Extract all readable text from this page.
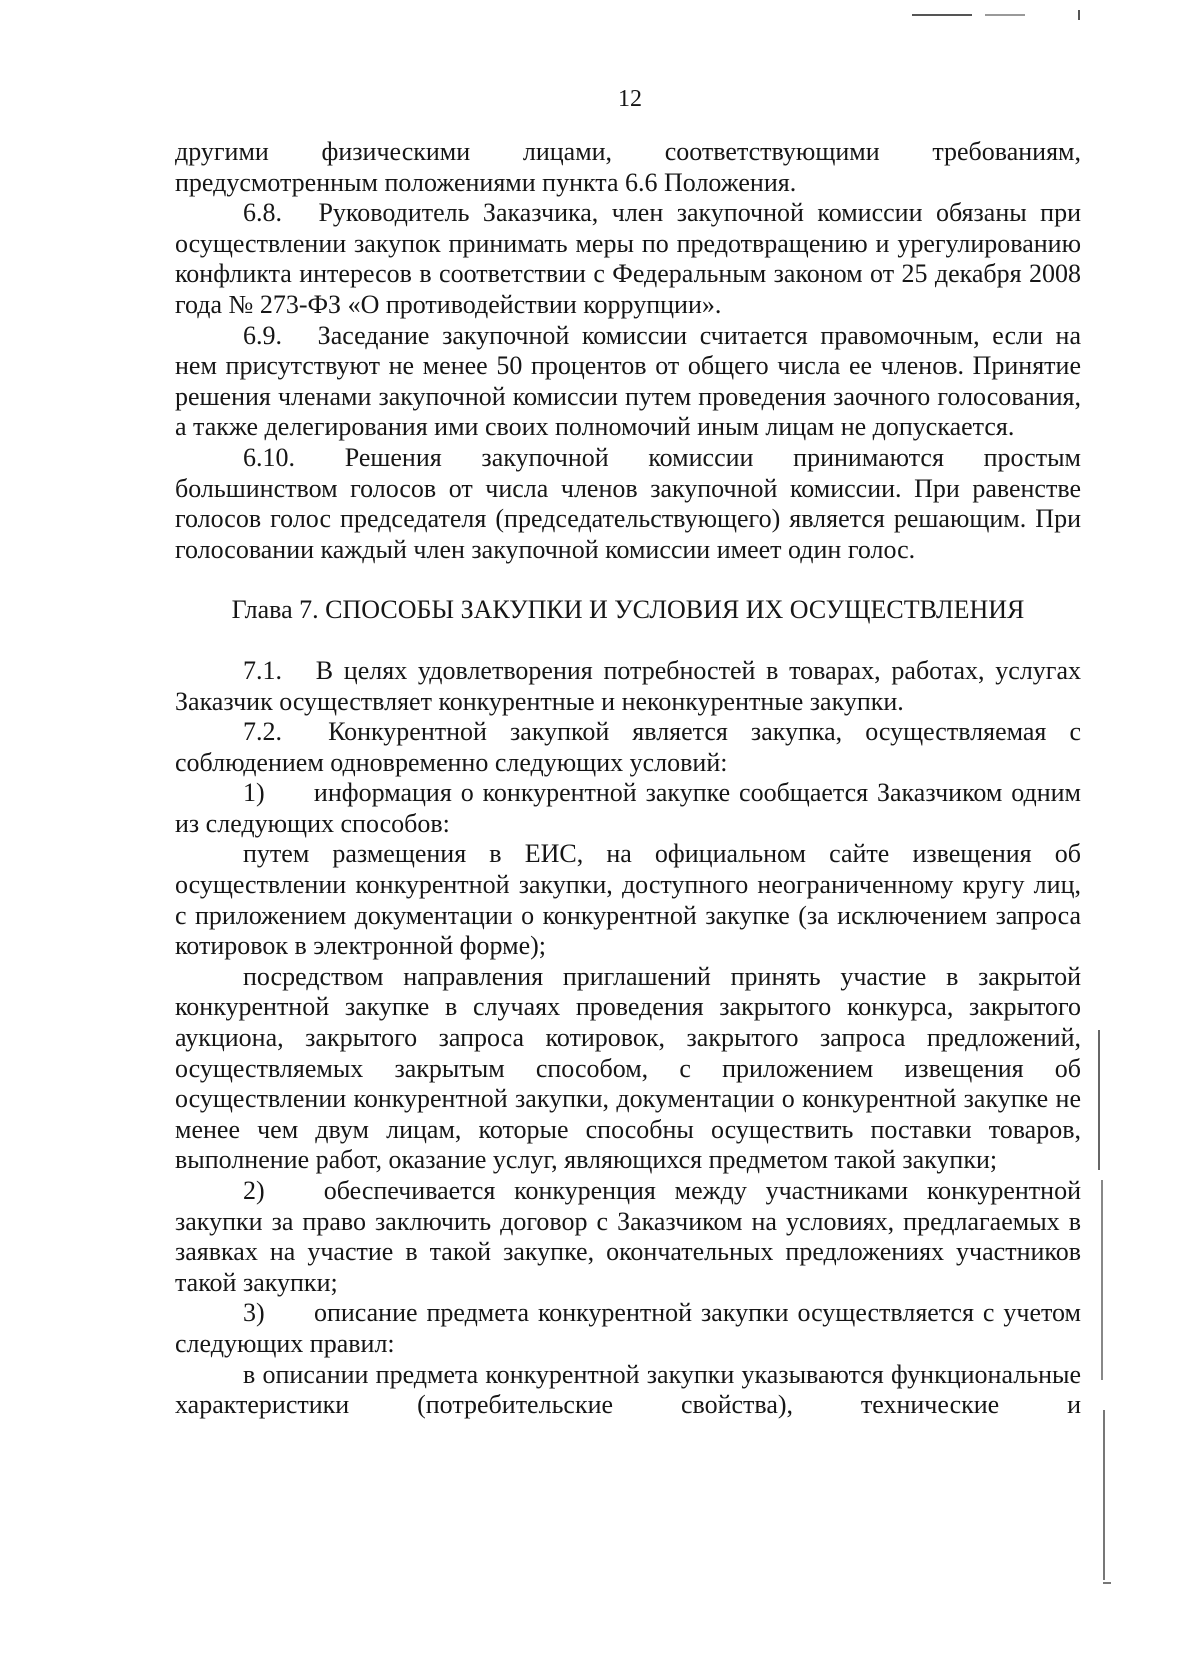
12

другими физическими лицами, соответствующими требованиям, предусмотренным положениями пункта 6.6 Положения.

6.8. Руководитель Заказчика, член закупочной комиссии обязаны при осуществлении закупок принимать меры по предотвращению и урегулированию конфликта интересов в соответствии с Федеральным законом от 25 декабря 2008 года № 273-ФЗ «О противодействии коррупции».

6.9. Заседание закупочной комиссии считается правомочным, если на нем присутствуют не менее 50 процентов от общего числа ее членов. Принятие решения членами закупочной комиссии путем проведения заочного голосования, а также делегирования ими своих полномочий иным лицам не допускается.

6.10. Решения закупочной комиссии принимаются простым большинством голосов от числа членов закупочной комиссии. При равенстве голосов голос председателя (председательствующего) является решающим. При голосовании каждый член закупочной комиссии имеет один голос.

Глава 7. СПОСОБЫ ЗАКУПКИ И УСЛОВИЯ ИХ ОСУЩЕСТВЛЕНИЯ

7.1. В целях удовлетворения потребностей в товарах, работах, услугах Заказчик осуществляет конкурентные и неконкурентные закупки.

7.2. Конкурентной закупкой является закупка, осуществляемая с соблюдением одновременно следующих условий:

1) информация о конкурентной закупке сообщается Заказчиком одним из следующих способов:

путем размещения в ЕИС, на официальном сайте извещения об осуществлении конкурентной закупки, доступного неограниченному кругу лиц, с приложением документации о конкурентной закупке (за исключением запроса котировок в электронной форме);

посредством направления приглашений принять участие в закрытой конкурентной закупке в случаях проведения закрытого конкурса, закрытого аукциона, закрытого запроса котировок, закрытого запроса предложений, осуществляемых закрытым способом, с приложением извещения об осуществлении конкурентной закупки, документации о конкурентной закупке не менее чем двум лицам, которые способны осуществить поставки товаров, выполнение работ, оказание услуг, являющихся предметом такой закупки;

2) обеспечивается конкуренция между участниками конкурентной закупки за право заключить договор с Заказчиком на условиях, предлагаемых в заявках на участие в такой закупке, окончательных предложениях участников такой закупки;

3) описание предмета конкурентной закупки осуществляется с учетом следующих правил:

в описании предмета конкурентной закупки указываются функциональные характеристики (потребительские свойства), технические и
